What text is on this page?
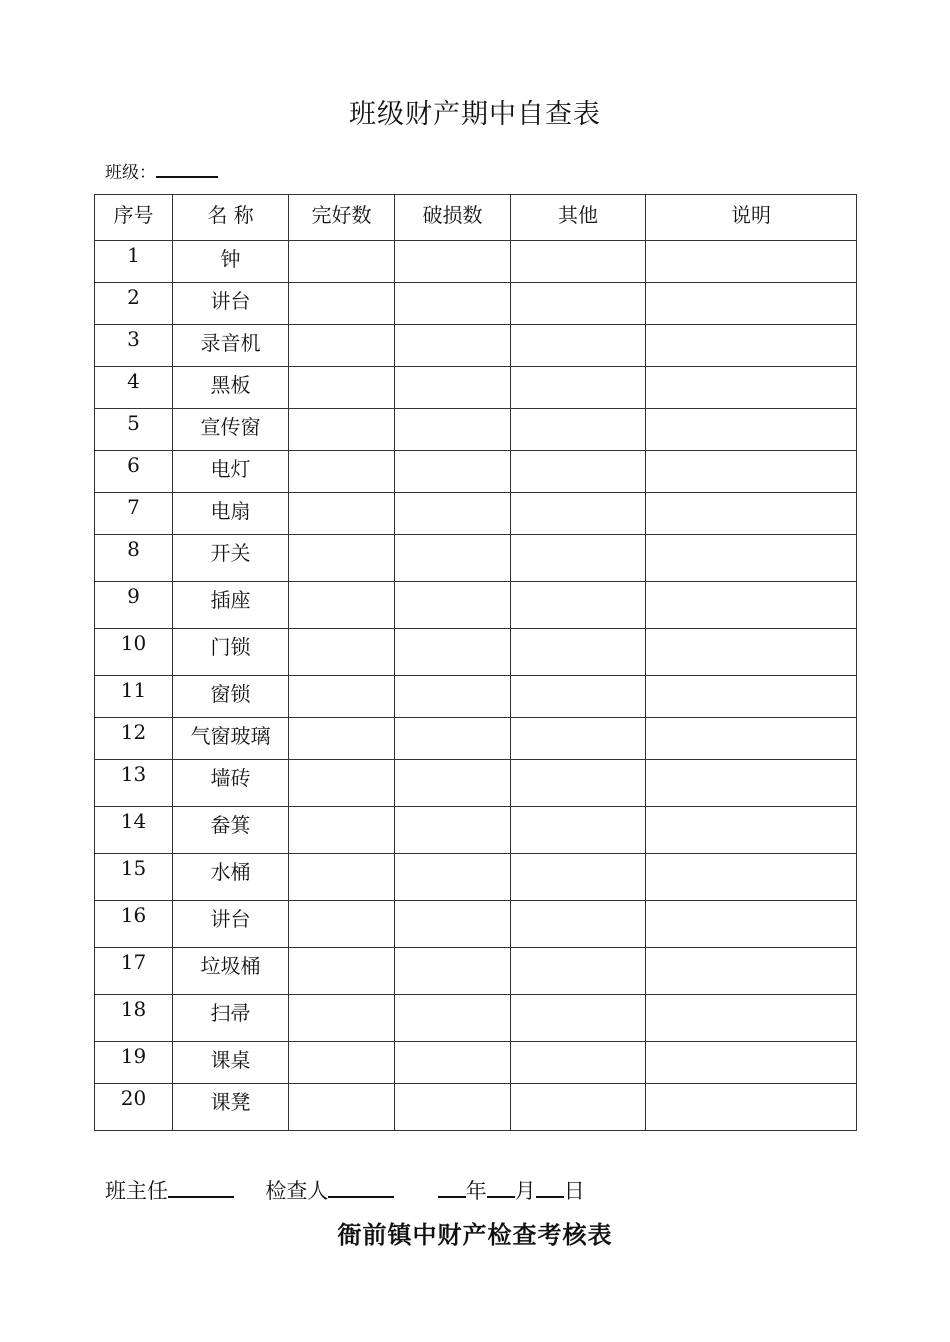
班级财产期中自查表
班级：
序号	名 称	完好数	破损数	其他	说明
1	钟				
2	讲台				
3	录音机				
4	黑板				
5	宣传窗				
6	电灯				
7	电扇				
8	开关				
9	插座				
10	门锁				
11	窗锁				
12	气窗玻璃				
13	墙砖				
14	畚箕				
15	水桶				
16	讲台				
17	垃圾桶				
18	扫帚				
19	课桌				
20	课凳				
班主任	检查人	年 月 日
衙前镇中财产检查考核表
